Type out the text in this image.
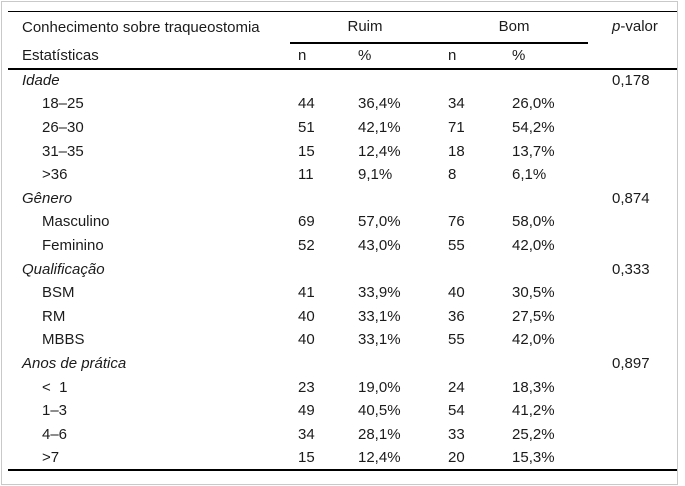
Conhecimento sobre traqueostomia	Ruim		Bom		p-valor
Estatísticas	n	%	n	%	
Idade					0,178
18–25	44	36,4%	34	26,0%	
26–30	51	42,1%	71	54,2%	
31–35	15	12,4%	18	13,7%	
>36	11	9,1%	8	6,1%	
Gênero					0,874
Masculino	69	57,0%	76	58,0%	
Feminino	52	43,0%	55	42,0%	
Qualificação					0,333
BSM	41	33,9%	40	30,5%	
RM	40	33,1%	36	27,5%	
MBBS	40	33,1%	55	42,0%	
Anos de prática					0,897
<  1	23	19,0%	24	18,3%	
1–3	49	40,5%	54	41,2%	
4–6	34	28,1%	33	25,2%	
>7	15	12,4%	20	15,3%	
